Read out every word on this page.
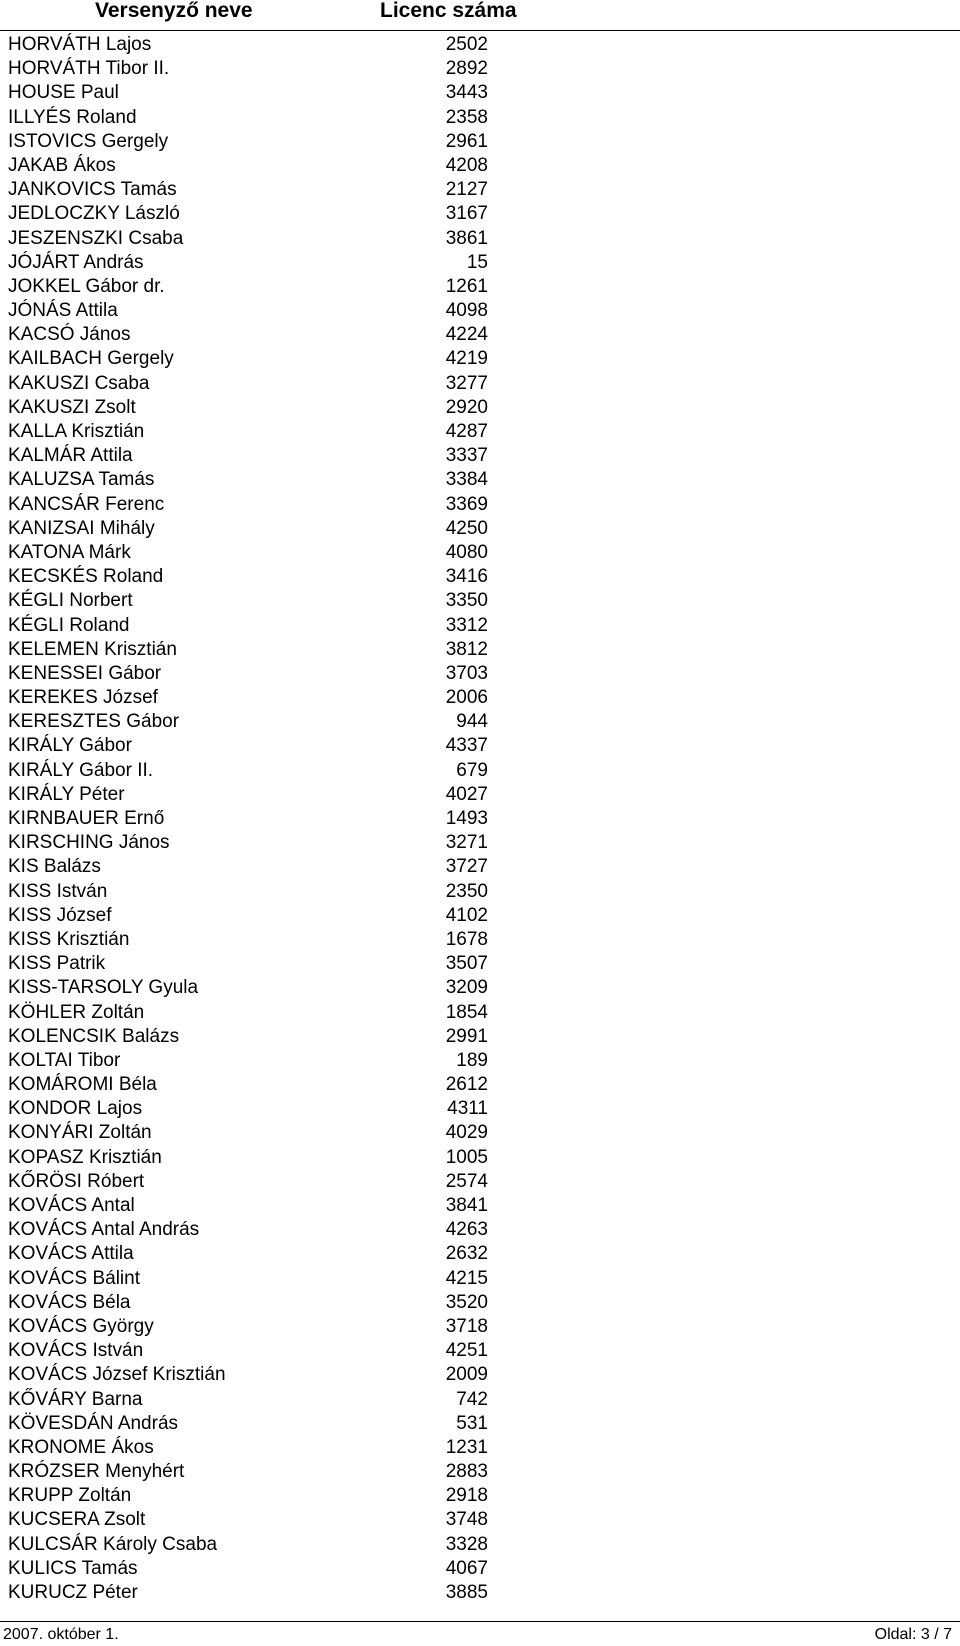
Versenyző neve	Licenc száma
HORVÁTH Lajos	2502
HORVÁTH Tibor II.	2892
HOUSE Paul	3443
ILLYÉS Roland	2358
ISTOVICS Gergely	2961
JAKAB Ákos	4208
JANKOVICS Tamás	2127
JEDLOCZKY László	3167
JESZENSZKI Csaba	3861
JÓJÁRT András	15
JOKKEL Gábor dr.	1261
JÓNÁS Attila	4098
KACSÓ János	4224
KAILBACH Gergely	4219
KAKUSZI Csaba	3277
KAKUSZI Zsolt	2920
KALLA Krisztián	4287
KALMÁR Attila	3337
KALUZSA Tamás	3384
KANCSÁR Ferenc	3369
KANIZSAI Mihály	4250
KATONA Márk	4080
KECSKÉS Roland	3416
KÉGLI Norbert	3350
KÉGLI Roland	3312
KELEMEN Krisztián	3812
KENESSEI Gábor	3703
KEREKES József	2006
KERESZTES Gábor	944
KIRÁLY Gábor	4337
KIRÁLY Gábor II.	679
KIRÁLY Péter	4027
KIRNBAUER Ernő	1493
KIRSCHING János	3271
KIS Balázs	3727
KISS István	2350
KISS József	4102
KISS Krisztián	1678
KISS Patrik	3507
KISS-TARSOLY Gyula	3209
KÖHLER Zoltán	1854
KOLENCSIK Balázs	2991
KOLTAI Tibor	189
KOMÁROMI Béla	2612
KONDOR Lajos	4311
KONYÁRI Zoltán	4029
KOPASZ Krisztián	1005
KŐRÖSI Róbert	2574
KOVÁCS Antal	3841
KOVÁCS Antal András	4263
KOVÁCS Attila	2632
KOVÁCS Bálint	4215
KOVÁCS Béla	3520
KOVÁCS György	3718
KOVÁCS István	4251
KOVÁCS József Krisztián	2009
KŐVÁRY Barna	742
KÖVESDÁN András	531
KRONOME Ákos	1231
KRÓZSER Menyhért	2883
KRUPP Zoltán	2918
KUCSERA Zsolt	3748
KULCSÁR Károly Csaba	3328
KULICS Tamás	4067
KURUCZ Péter	3885
2007. október 1.	Oldal: 3 / 7
